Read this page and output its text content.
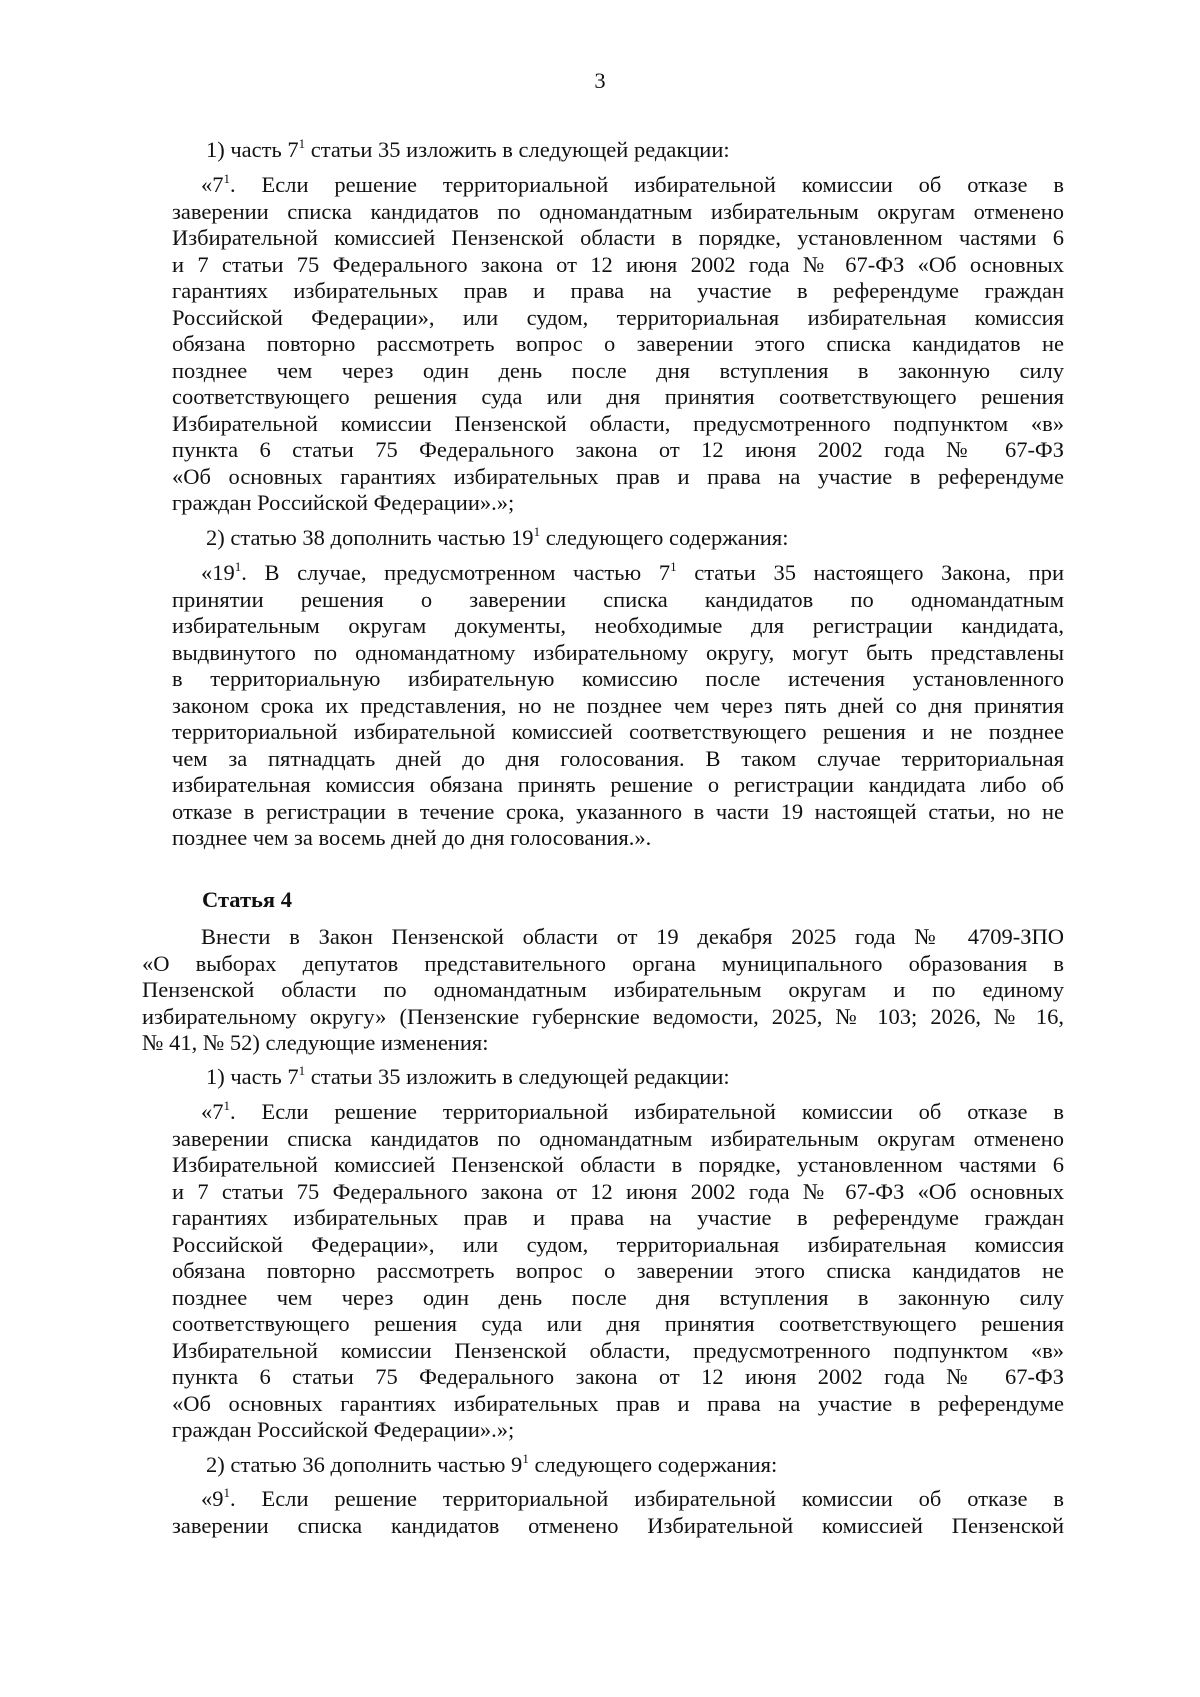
3
1) часть $7^1$ статьи 35 изложить в следующей редакции:
«$7^1$. Если решение территориальной избирательной комиссии об отказе в
заверении списка кандидатов по одномандатным избирательным округам отменено
Избирательной комиссией Пензенской области в порядке, установленном частями 6
и 7 статьи 75 Федерального закона от 12 июня 2002 года № 67-ФЗ «Об основных
гарантиях избирательных прав и права на участие в референдуме граждан
Российской Федерации», или судом, территориальная избирательная комиссия
обязана повторно рассмотреть вопрос о заверении этого списка кандидатов не
позднее чем через один день после дня вступления в законную силу
соответствующего решения суда или дня принятия соответствующего решения
Избирательной комиссии Пензенской области, предусмотренного подпунктом «в»
пункта 6 статьи 75 Федерального закона от 12 июня 2002 года № 67-ФЗ
«Об основных гарантиях избирательных прав и права на участие в референдуме
граждан Российской Федерации».»;
2) статью 38 дополнить частью $19^1$ следующего содержания:
«$19^1$. В случае, предусмотренном частью $7^1$ статьи 35 настоящего Закона, при
принятии решения о заверении списка кандидатов по одномандатным
избирательным округам документы, необходимые для регистрации кандидата,
выдвинутого по одномандатному избирательному округу, могут быть представлены
в территориальную избирательную комиссию после истечения установленного
законом срока их представления, но не позднее чем через пять дней со дня принятия
территориальной избирательной комиссией соответствующего решения и не позднее
чем за пятнадцать дней до дня голосования. В таком случае территориальная
избирательная комиссия обязана принять решение о регистрации кандидата либо об
отказе в регистрации в течение срока, указанного в части 19 настоящей статьи, но не
позднее чем за восемь дней до дня голосования.».
Статья 4
Внести в Закон Пензенской области от 19 декабря 2025 года № 4709-ЗПО
«О выборах депутатов представительного органа муниципального образования в
Пензенской области по одномандатным избирательным округам и по единому
избирательному округу» (Пензенские губернские ведомости, 2025, № 103; 2026, № 16,
№ 41, № 52) следующие изменения:
1) часть $7^1$ статьи 35 изложить в следующей редакции:
«$7^1$. Если решение территориальной избирательной комиссии об отказе в
заверении списка кандидатов по одномандатным избирательным округам отменено
Избирательной комиссией Пензенской области в порядке, установленном частями 6
и 7 статьи 75 Федерального закона от 12 июня 2002 года № 67-ФЗ «Об основных
гарантиях избирательных прав и права на участие в референдуме граждан
Российской Федерации», или судом, территориальная избирательная комиссия
обязана повторно рассмотреть вопрос о заверении этого списка кандидатов не
позднее чем через один день после дня вступления в законную силу
соответствующего решения суда или дня принятия соответствующего решения
Избирательной комиссии Пензенской области, предусмотренного подпунктом «в»
пункта 6 статьи 75 Федерального закона от 12 июня 2002 года № 67-ФЗ
«Об основных гарантиях избирательных прав и права на участие в референдуме
граждан Российской Федерации».»;
2) статью 36 дополнить частью $9^1$ следующего содержания:
«$9^1$. Если решение территориальной избирательной комиссии об отказе в
заверении списка кандидатов отменено Избирательной комиссией Пензенской
